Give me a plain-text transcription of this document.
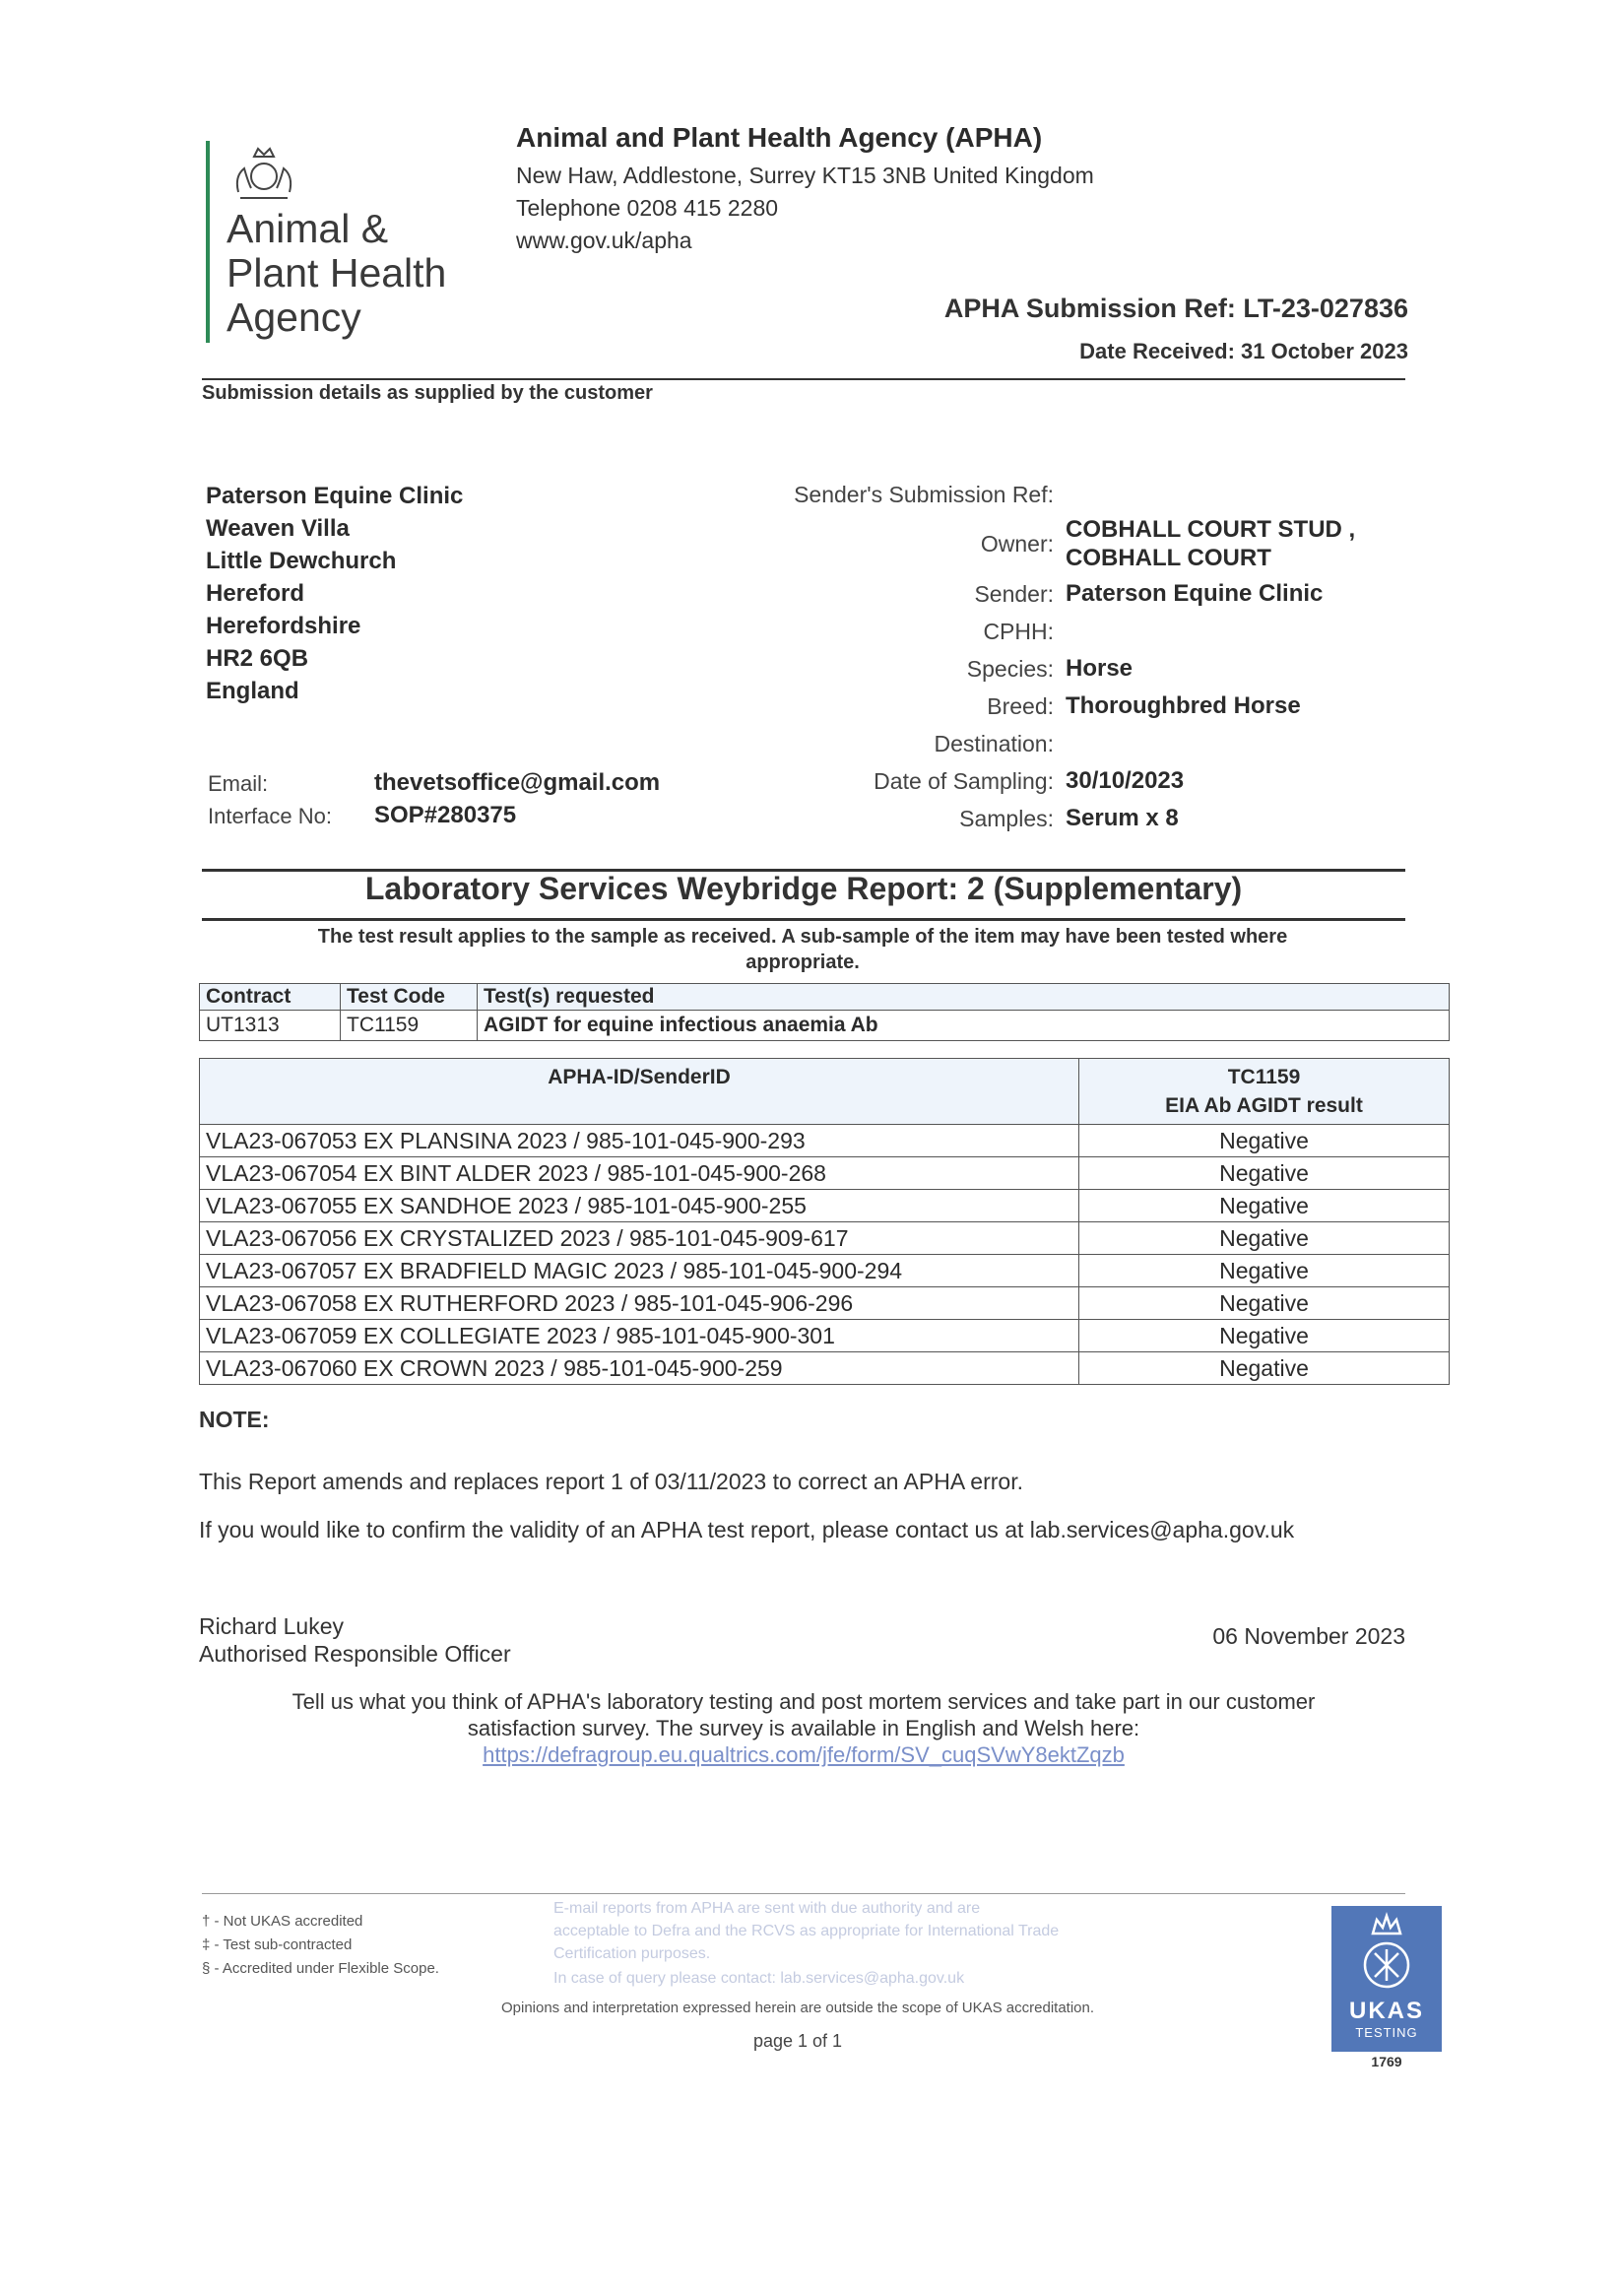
Animal &
Plant Health
Agency
Animal and Plant Health Agency (APHA)
New Haw, Addlestone, Surrey KT15 3NB United Kingdom
Telephone 0208 415 2280
www.gov.uk/apha
APHA Submission Ref: LT-23-027836
Date Received: 31 October 2023
Submission details as supplied by the customer
Paterson Equine Clinic
Weaven Villa
Little Dewchurch
Hereford
Herefordshire
HR2 6QB
England
Email:	thevetsoffice@gmail.com
Interface No: SOP#280375
Sender's Submission Ref:
Owner:
COBHALL COURT STUD ,
COBHALL COURT
Sender: Paterson Equine Clinic
CPHH:
Species: Horse
Breed: Thoroughbred Horse
Destination:
Date of Sampling: 30/10/2023
Samples: Serum x 8
Laboratory Services Weybridge Report: 2 (Supplementary)
The test result applies to the sample as received. A sub-sample of the item may have been tested where
appropriate.
Contract	Test Code	Test(s) requested
UT1313	TC1159	AGIDT for equine infectious anaemia Ab
APHA-ID/SenderID	TC1159
EIA Ab AGIDT result

VLA23-067053 EX PLANSINA 2023 / 985-101-045-900-293	Negative
VLA23-067054 EX BINT ALDER 2023 / 985-101-045-900-268	Negative
VLA23-067055 EX SANDHOE 2023 / 985-101-045-900-255	Negative
VLA23-067056 EX CRYSTALIZED 2023 / 985-101-045-909-617	Negative
VLA23-067057 EX BRADFIELD MAGIC 2023 / 985-101-045-900-294	Negative
VLA23-067058 EX RUTHERFORD 2023 / 985-101-045-906-296	Negative
VLA23-067059 EX COLLEGIATE 2023 / 985-101-045-900-301	Negative
VLA23-067060 EX CROWN 2023 / 985-101-045-900-259	Negative
NOTE:
This Report amends and replaces report 1 of 03/11/2023 to correct an APHA error.
If you would like to confirm the validity of an APHA test report, please contact us at lab.services@apha.gov.uk
Richard Lukey
Authorised Responsible Officer
06 November 2023
Tell us what you think of APHA's laboratory testing and post mortem services and take part in our customer
satisfaction survey. The survey is available in English and Welsh here:
https://defragroup.eu.qualtrics.com/jfe/form/SV_cuqSVwY8ektZqzb
† - Not UKAS accredited
‡ - Test sub-contracted
§ - Accredited under Flexible Scope.
E-mail reports from APHA are sent with due authority and are
acceptable to Defra and the RCVS as appropriate for International Trade
Certification purposes.
In case of query please contact: lab.services@apha.gov.uk
Opinions and interpretation expressed herein are outside the scope of UKAS accreditation.
page 1 of 1
UKAS
TESTING
1769
